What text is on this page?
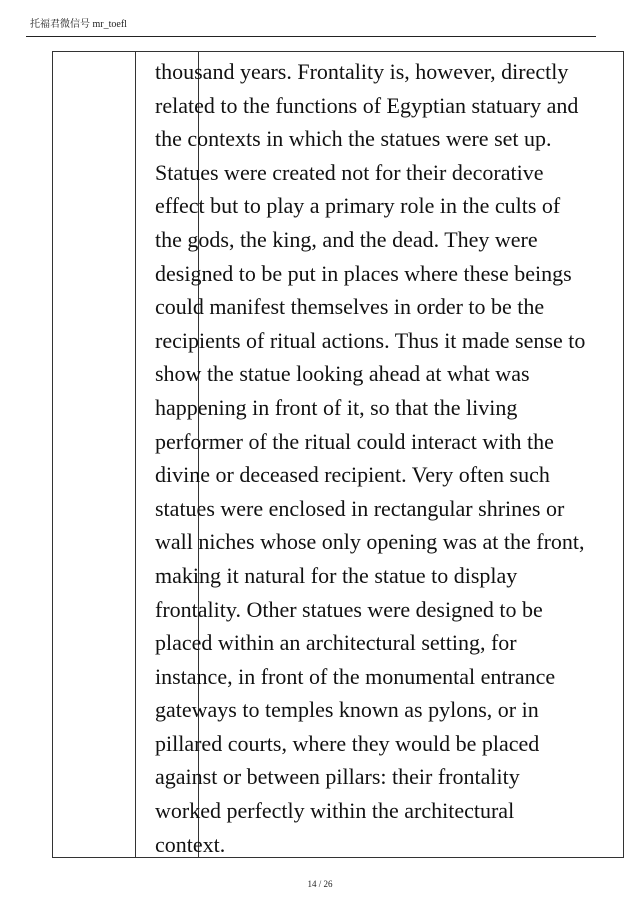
托福君微信号 mr_toefl
thousand years. Frontality is, however, directly
related to the functions of Egyptian statuary and
the contexts in which the statues were set up.
Statues were created not for their decorative
effect but to play a primary role in the cults of
the gods, the king, and the dead. They were
designed to be put in places where these beings
could manifest themselves in order to be the
recipients of ritual actions. Thus it made sense to
show the statue looking ahead at what was
happening in front of it, so that the living
performer of the ritual could interact with the
divine or deceased recipient. Very often such
statues were enclosed in rectangular shrines or
wall niches whose only opening was at the front,
making it natural for the statue to display
frontality. Other statues were designed to be
placed within an architectural setting, for
instance, in front of the monumental entrance
gateways to temples known as pylons, or in
pillared courts, where they would be placed
against or between pillars: their frontality
worked perfectly within the architectural
context.
14 / 26
